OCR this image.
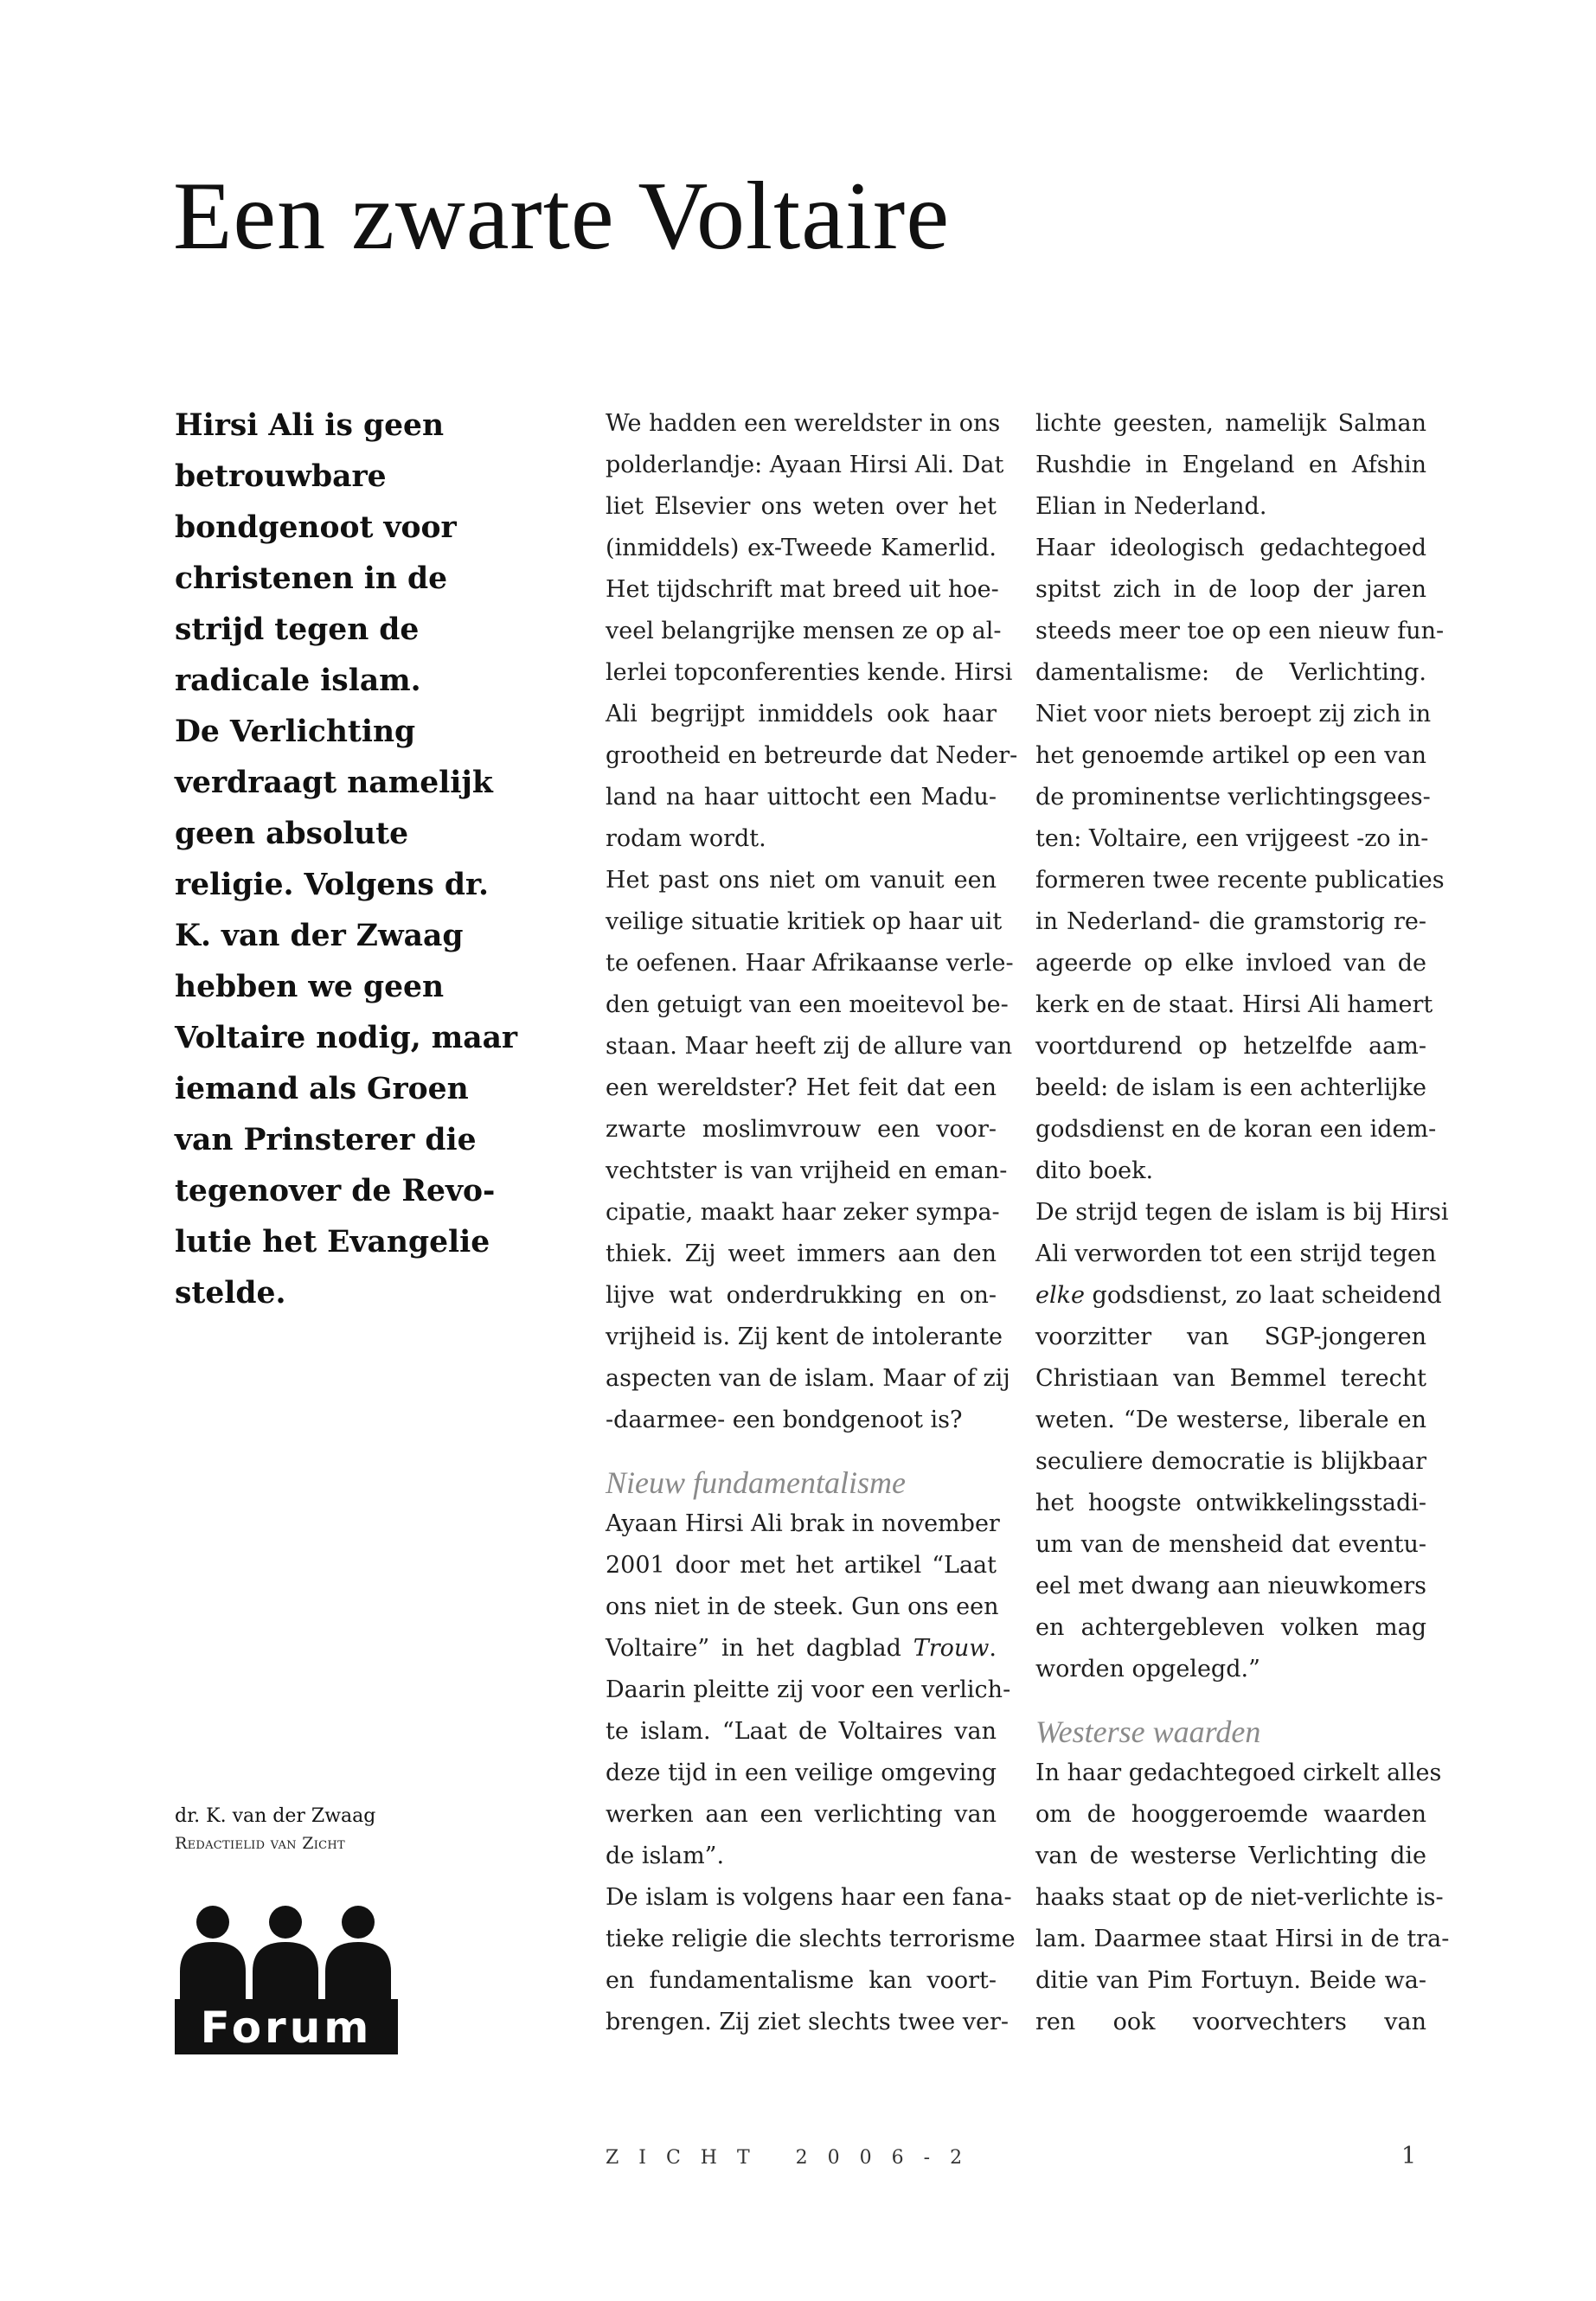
Een zwarte Voltaire
Hirsi Ali is geen
betrouwbare
bondgenoot voor
christenen in de
strijd tegen de
radicale islam.
De Verlichting
verdraagt namelijk
geen absolute
religie. Volgens dr.
K. van der Zwaag
hebben we geen
Voltaire nodig, maar
iemand als Groen
van Prinsterer die
tegenover de Revo-
lutie het Evangelie
stelde.
We hadden een wereldster in ons
polderlandje: Ayaan Hirsi Ali. Dat
liet Elsevier ons weten over het
(inmiddels) ex-Tweede Kamerlid.
Het tijdschrift mat breed uit hoe-
veel belangrijke mensen ze op al-
lerlei topconferenties kende. Hirsi
Ali begrijpt inmiddels ook haar
grootheid en betreurde dat Neder-
land na haar uittocht een Madu-
rodam wordt.
Het past ons niet om vanuit een
veilige situatie kritiek op haar uit
te oefenen. Haar Afrikaanse verle-
den getuigt van een moeitevol be-
staan. Maar heeft zij de allure van
een wereldster? Het feit dat een
zwarte moslimvrouw een voor-
vechtster is van vrijheid en eman-
cipatie, maakt haar zeker sympa-
thiek. Zij weet immers aan den
lijve wat onderdrukking en on-
vrijheid is. Zij kent de intolerante
aspecten van de islam. Maar of zij
-daarmee- een bondgenoot is?
Nieuw fundamentalisme
Ayaan Hirsi Ali brak in november
2001 door met het artikel “Laat
ons niet in de steek. Gun ons een
Voltaire” in het dagblad Trouw.
Daarin pleitte zij voor een verlich-
te islam. “Laat de Voltaires van
deze tijd in een veilige omgeving
werken aan een verlichting van
de islam”.
De islam is volgens haar een fana-
tieke religie die slechts terrorisme
en fundamentalisme kan voort-
brengen. Zij ziet slechts twee ver-
lichte geesten, namelijk Salman
Rushdie in Engeland en Afshin
Elian in Nederland.
Haar ideologisch gedachtegoed
spitst zich in de loop der jaren
steeds meer toe op een nieuw fun-
damentalisme: de Verlichting.
Niet voor niets beroept zij zich in
het genoemde artikel op een van
de prominentse verlichtingsgees-
ten: Voltaire, een vrijgeest -zo in-
formeren twee recente publicaties
in Nederland- die gramstorig re-
ageerde op elke invloed van de
kerk en de staat. Hirsi Ali hamert
voortdurend op hetzelfde aam-
beeld: de islam is een achterlijke
godsdienst en de koran een idem-
dito boek.
De strijd tegen de islam is bij Hirsi
Ali verworden tot een strijd tegen
elke godsdienst, zo laat scheidend
voorzitter van SGP-jongeren
Christiaan van Bemmel terecht
weten. “De westerse, liberale en
seculiere democratie is blijkbaar
het hoogste ontwikkelingsstadi-
um van de mensheid dat eventu-
eel met dwang aan nieuwkomers
en achtergebleven volken mag
worden opgelegd.”
Westerse waarden
In haar gedachtegoed cirkelt alles
om de hooggeroemde waarden
van de westerse Verlichting die
haaks staat op de niet-verlichte is-
lam. Daarmee staat Hirsi in de tra-
ditie van Pim Fortuyn. Beide wa-
ren ook voorvechters van
dr. K. van der Zwaag
Redactielid van Zicht
Forum
ZICHT 2006-2	1
